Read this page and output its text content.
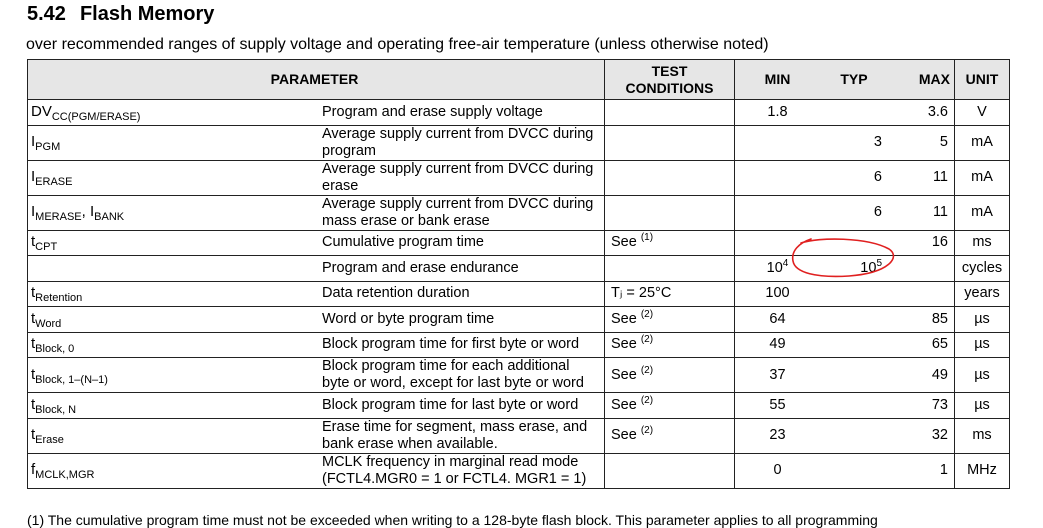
5.42 Flash Memory
over recommended ranges of supply voltage and operating free-air temperature (unless otherwise noted)
PARAMETER		TEST
CONDITIONS	MIN	TYP	MAX	UNIT
$DV_{CC(PGM/ERASE)}$	Program and erase supply voltage		1.8		3.6	V
$I_{PGM}$	Average supply current from DVCC during program			3	5	mA
$I_{ERASE}$	Average supply current from DVCC during erase			6	11	mA
$I_{MERASE}$, $I_{BANK}$	Average supply current from DVCC during mass erase or bank erase			6	11	mA
$t_{CPT}$	Cumulative program time	See $^{(1)}$			16	ms
	Program and erase endurance		$10^4$	$10^5$		cycles
$t_{Retention}$	Data retention duration	Tⱼ = 25°C	100			years
$t_{Word}$	Word or byte program time	See $^{(2)}$	64		85	µs
$t_{Block, 0}$	Block program time for first byte or word	See $^{(2)}$	49		65	µs
$t_{Block, 1-(N-1)}$	Block program time for each additional byte or word, except for last byte or word	See $^{(2)}$	37		49	µs
$t_{Block, N}$	Block program time for last byte or word	See $^{(2)}$	55		73	µs
$t_{Erase}$	Erase time for segment, mass erase, and bank erase when available.	See $^{(2)}$	23		32	ms
$f_{MCLK,MGR}$	MCLK frequency in marginal read mode
(FCTL4.MGR0 = 1 or FCTL4. MGR1 = 1)		0		1	MHz
(1) The cumulative program time must not be exceeded when writing to a 128-byte flash block. This parameter applies to all programming
